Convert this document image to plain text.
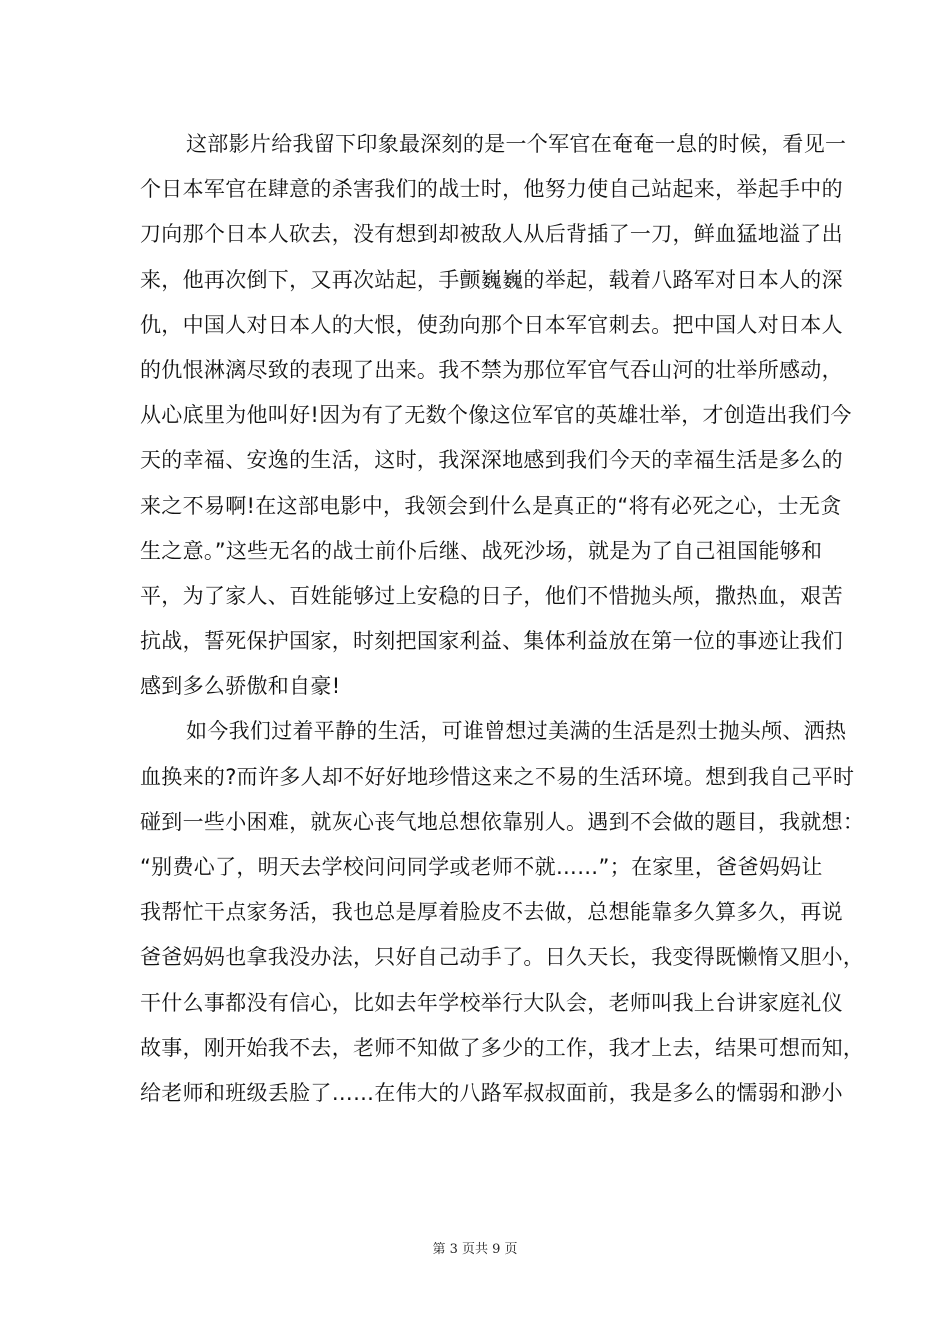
这部影片给我留下印象最深刻的是一个军官在奄奄一息的时候，看见一
个日本军官在肆意的杀害我们的战士时，他努力使自己站起来，举起手中的
刀向那个日本人砍去，没有想到却被敌人从后背插了一刀，鲜血猛地溢了出
来，他再次倒下，又再次站起，手颤巍巍的举起，载着八路军对日本人的深
仇，中国人对日本人的大恨，使劲向那个日本军官刺去。把中国人对日本人
的仇恨淋漓尽致的表现了出来。我不禁为那位军官气吞山河的壮举所感动，
从心底里为他叫好!因为有了无数个像这位军官的英雄壮举，才创造出我们今
天的幸福、安逸的生活，这时，我深深地感到我们今天的幸福生活是多么的
来之不易啊!在这部电影中，我领会到什么是真正的“将有必死之心，士无贪
生之意。”这些无名的战士前仆后继、战死沙场，就是为了自己祖国能够和
平，为了家人、百姓能够过上安稳的日子，他们不惜抛头颅，撒热血，艰苦
抗战，誓死保护国家，时刻把国家利益、集体利益放在第一位的事迹让我们
感到多么骄傲和自豪!
如今我们过着平静的生活，可谁曾想过美满的生活是烈士抛头颅、洒热
血换来的?而许多人却不好好地珍惜这来之不易的生活环境。想到我自己平时
碰到一些小困难，就灰心丧气地总想依靠别人。遇到不会做的题目，我就想：
“别费心了，明天去学校问问同学或老师不就……”；在家里，爸爸妈妈让
我帮忙干点家务活，我也总是厚着脸皮不去做，总想能靠多久算多久，再说
爸爸妈妈也拿我没办法，只好自己动手了。日久天长，我变得既懒惰又胆小，
干什么事都没有信心，比如去年学校举行大队会，老师叫我上台讲家庭礼仪
故事，刚开始我不去，老师不知做了多少的工作，我才上去，结果可想而知，
给老师和班级丢脸了……在伟大的八路军叔叔面前，我是多么的懦弱和渺小
第 3 页共 9 页
